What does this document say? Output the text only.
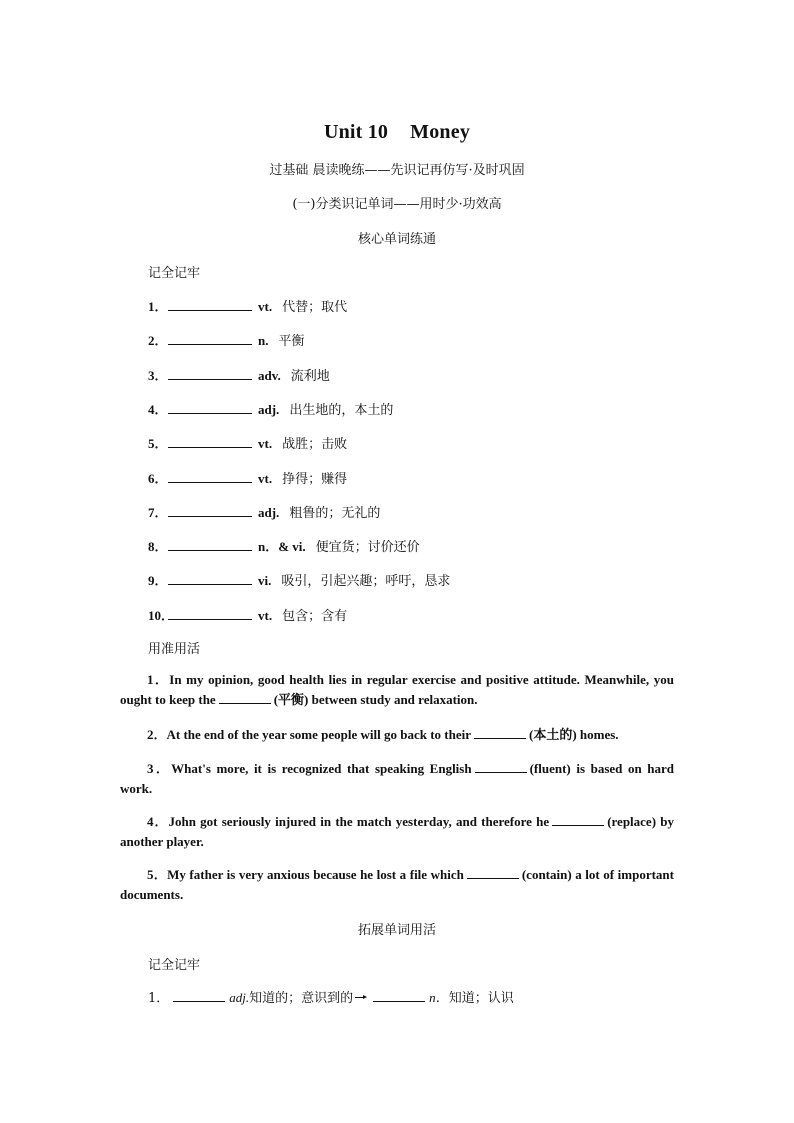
Unit 10 Money
过基础 晨读晚练——先识记再仿写·及时巩固
(一)分类识记单词——用时少·功效高
核心单词练通
记全记牢
1．	vt. 代替；取代
2．	n. 平衡
3．	adv. 流利地
4．	adj. 出生地的，本土的
5．	vt. 战胜；击败
6．	vt. 挣得；赚得
7．	adj. 粗鲁的；无礼的
8．	n．& vi. 便宜货；讨价还价
9．	vi. 吸引，引起兴趣；呼吁，恳求
10．	vt. 包含；含有
用准用活
1．In my opinion, good health lies in regular exercise and positive attitude. Meanwhile, you ought to keep the	(平衡) between study and relaxation.
2．At the end of the year some people will go back to their	(本土的) homes.
3．What's more, it is recognized that speaking English	(fluent) is based on hard work.
4．John got seriously injured in the match yesterday, and therefore he	(replace) by another player.
5．My father is very anxious because he lost a file which	(contain) a lot of important documents.
拓展单词用活
记全记牢
1．	adj. 知道的；意识到的	n． 知道；认识
